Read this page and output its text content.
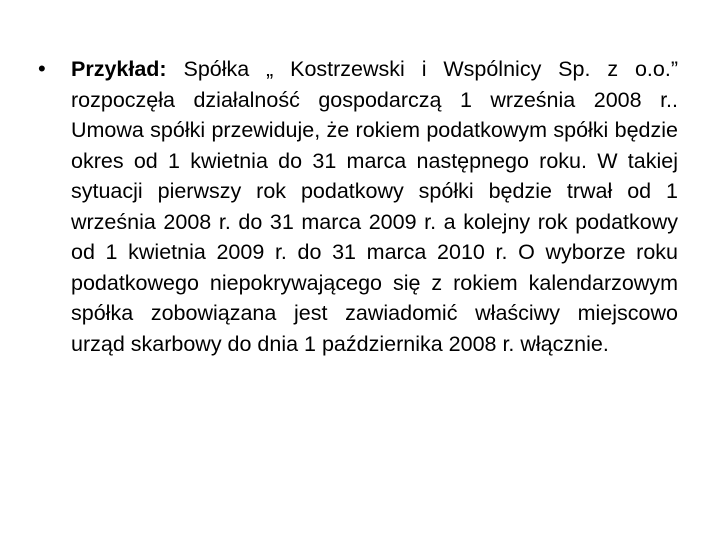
• Przykład: Spółka „ Kostrzewski i Wspólnicy Sp. z o.o.” rozpoczęła działalność gospodarczą 1 września 2008 r.. Umowa spółki przewiduje, że rokiem podatkowym spółki będzie okres od 1 kwietnia do 31 marca następnego roku. W takiej sytuacji pierwszy rok podatkowy spółki będzie trwał od 1 września 2008 r. do 31 marca 2009 r. a kolejny rok podatkowy od 1 kwietnia 2009 r. do 31 marca 2010 r. O wyborze roku podatkowego niepokrywającego się z rokiem kalendarzowym spółka zobowiązana jest zawiadomić właściwy miejscowo urząd skarbowy do dnia 1 października 2008 r. włącznie.
